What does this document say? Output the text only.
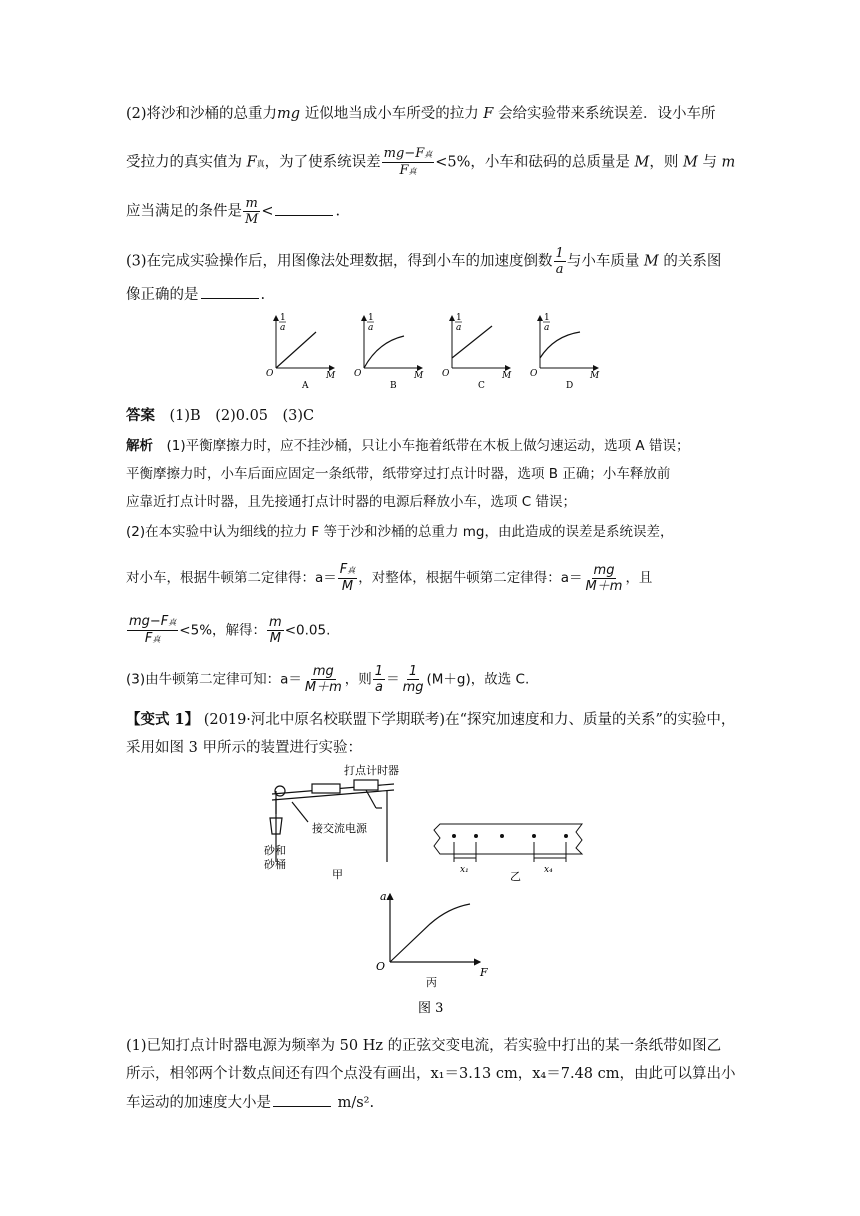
(2)将沙和沙桶的总重力mg 近似地当成小车所受的拉力 F 会给实验带来系统误差．设小车所
受拉力的真实值为 F真，为了使系统误差 $\frac{\text{mg−F真}}{\text{F真}} <5\%$，小车和砝码的总质量是 M，则 M 与 m
应当满足的条件是 $\frac{m}{M}$ <	.
(3)在完成实验操作后，用图像法处理数据，得到小车的加速度倒数 $\frac{1}{a}$ 与小车质量 M 的关系图
像正确的是	.
1
a
O	M
A
1
a
O	M
B
1
a
O	M
C
1
a
O	M
D
答案　 (1)B　(2)0.05　(3)C
解析　 (1)平衡摩擦力时，应不挂沙桶，只让小车拖着纸带在木板上做匀速运动，选项 A 错误；
平衡摩擦力时，小车后面应固定一条纸带，纸带穿过打点计时器，选项 B 正确；小车释放前
应靠近打点计时器，且先接通打点计时器的电源后释放小车，选项 C 错误；
(2)在本实验中认为细线的拉力 F 等于沙和沙桶的总重力 mg，由此造成的误差是系统误差，
对小车，根据牛顿第二定律得：$a= \frac{\text{F真}}{M}$ ，对整体，根据牛顿第二定律得：$a= \frac{mg}{M+m}$ ，且
$\frac{\text{mg−F真}}{\text{F真}} <5\%$，解得： $\frac{m}{M} <0.05$.
(3)由牛顿第二定律可知：$a= \frac{mg}{M+m}$ ，则 $\frac{1}{a} = \frac{1}{mg} (M+g)$，故选 C.
【变式 1】 (2019·河北中原名校联盟下学期联考)在“探究加速度和力、质量的关系”的实验中，
采用如图 3 甲所示的装置进行实验：
打点计时器
接交流电源
砂和
砂桶
甲	x₁	x₄
乙
a
F
O
丙
图 3
(1)已知打点计时器电源为频率为 50 Hz 的正弦交变电流，若实验中打出的某一条纸带如图乙
所示，相邻两个计数点间还有四个点没有画出，x₁＝3.13 cm，x₄＝7.48 cm，由此可以算出小
车运动的加速度大小是	m/s².
